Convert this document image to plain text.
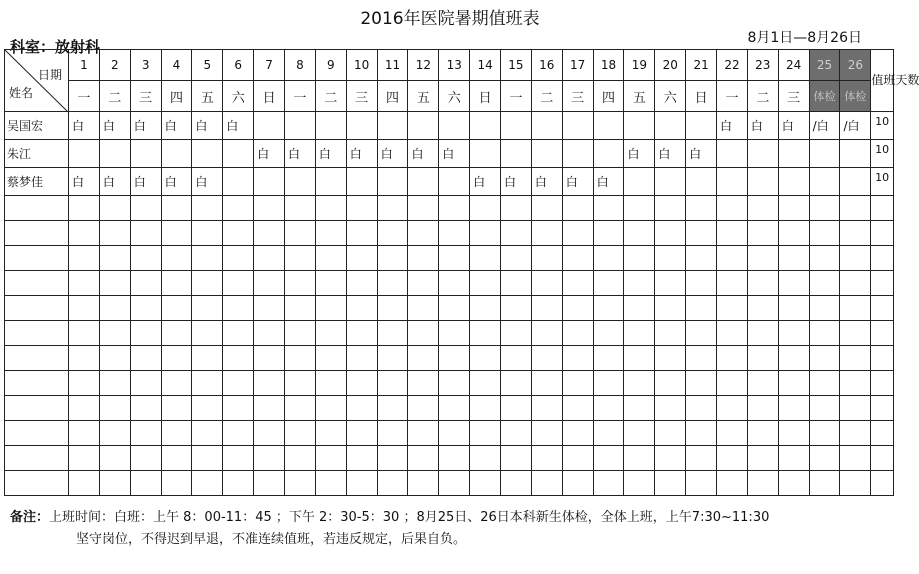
2016年医院暑期值班表
科室：放射科	8月1日—8月26日
日期
姓名	1	2	3	4	5	6	7	8	9	10	11	12	13	14	15	16	17	18	19	20	21	22	23	24	25	26	值班天数
	一	二	三	四	五	六	日	一	二	三	四	五	六	日	一	二	三	四	五	六	日	一	二	三	体检	体检	
吴国宏	白	白	白	白	白	白																白	白	白	/白	/白	10
朱江							白	白	白	白	白	白	白						白	白	白						10
蔡梦佳	白	白	白	白	白									白	白	白	白	白									10

备注：上班时间：白班：上午 8：00-11：45 ；下午 2：30-5：30 ；8月25日、26日本科新生体检，全体上班，上午7:30~11:30
坚守岗位，不得迟到早退，不准连续值班，若违反规定，后果自负。
